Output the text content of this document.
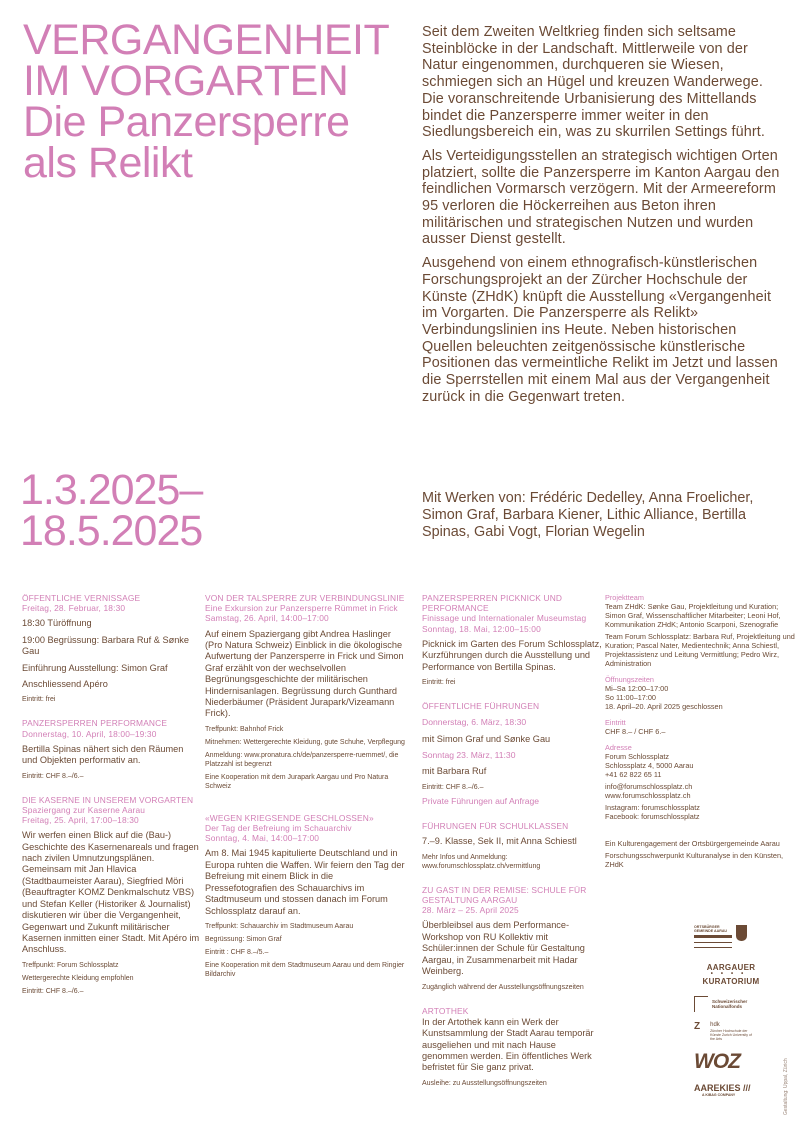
VERGANGENHEIT
IM VORGARTEN
Die Panzersperre
als Relikt

Seit dem Zweiten Weltkrieg finden sich seltsame Steinblöcke in der Landschaft. Mittlerweile von der Natur eingenommen, durchqueren sie Wiesen, schmiegen sich an Hügel und kreuzen Wanderwege. Die voranschreitende Urbanisierung des Mittellands bindet die Panzersperre immer weiter in den Siedlungsbereich ein, was zu skurrilen Settings führt.

Als Verteidigungsstellen an strategisch wichtigen Orten platziert, sollte die Panzersperre im Kanton Aargau den feindlichen Vormarsch verzögern. Mit der Armeereform 95 verloren die Höckerreihen aus Beton ihren militärischen und strategischen Nutzen und wurden ausser Dienst gestellt.

Ausgehend von einem ethnografisch-künstlerischen Forschungsprojekt an der Zürcher Hochschule der Künste (ZHdK) knüpft die Ausstellung «Vergangenheit im Vorgarten. Die Panzersperre als Relikt» Verbindungslinien ins Heute. Neben historischen Quellen beleuchten zeitgenössische künstlerische Positionen das vermeintliche Relikt im Jetzt und lassen die Sperrstellen mit einem Mal aus der Vergangenheit zurück in die Gegenwart treten.

1.3.2025–
18.5.2025
Mit Werken von: Frédéric Dedelley, Anna Froelicher, Simon Graf, Barbara Kiener, Lithic Alliance, Bertilla Spinas, Gabi Vogt, Florian Wegelin
ÖFFENTLICHE VERNISSAGE
Freitag, 28. Februar, 18:30

18:30 Türöffnung

19:00 Begrüssung: Barbara Ruf & Sønke Gau

Einführung Ausstellung: Simon Graf

Anschliessend Apéro

Eintritt: frei

PANZERSPERREN PERFORMANCE
Donnerstag, 10. April, 18:00–19:30

Bertilla Spinas nähert sich den Räumen und Objekten performativ an.

Eintritt: CHF 8.–/6.–

DIE KASERNE IN UNSEREM VORGARTEN
Spaziergang zur Kaserne Aarau
Freitag, 25. April, 17:00–18:30

Wir werfen einen Blick auf die (Bau-) Geschichte des Kasernenareals und fragen nach zivilen Umnutzungsplänen. Gemeinsam mit Jan Hlavica (Stadtbaumeister Aarau), Siegfried Möri (Beauftragter KOMZ Denkmalschutz VBS) und Stefan Keller (Historiker & Journalist) diskutieren wir über die Vergangenheit, Gegenwart und Zukunft militärischer Kasernen inmitten einer Stadt. Mit Apéro im Anschluss.

Treffpunkt: Forum Schlossplatz

Wettergerechte Kleidung empfohlen

Eintritt: CHF 8.–/6.–

VON DER TALSPERRE ZUR VERBINDUNGSLINIE
Eine Exkursion zur Panzersperre Rümmet in Frick
Samstag, 26. April, 14:00–17:00

Auf einem Spaziergang gibt Andrea Haslinger (Pro Natura Schweiz) Einblick in die ökologische Aufwertung der Panzersperre in Frick und Simon Graf erzählt von der wechselvollen Begrünungsgeschichte der militärischen Hindernisanlagen. Begrüssung durch Gunthard Niederbäumer (Präsident Jurapark/Vizeamann Frick).

Treffpunkt: Bahnhof Frick

Mitnehmen: Wettergerechte Kleidung, gute Schuhe, Verpflegung

Anmeldung: www.pronatura.ch/de/panzersperre-ruemmet/, die Platzzahl ist begrenzt

Eine Kooperation mit dem Jurapark Aargau und Pro Natura Schweiz

«WEGEN KRIEGSENDE GESCHLOSSEN»
Der Tag der Befreiung im Schauarchiv
Sonntag, 4. Mai, 14:00–17:00

Am 8. Mai 1945 kapitulierte Deutschland und in Europa ruhten die Waffen. Wir feiern den Tag der Befreiung mit einem Blick in die Pressefotografien des Schauarchivs im Stadtmuseum und stossen danach im Forum Schlossplatz darauf an.

Treffpunkt: Schauarchiv im Stadtmuseum Aarau

Begrüssung: Simon Graf

Eintritt : CHF 8.–/5.–

Eine Kooperation mit dem Stadtmuseum Aarau und dem Ringier Bildarchiv

PANZERSPERREN PICKNICK UND PERFORMANCE
Finissage und Internationaler Museumstag
Sonntag, 18. Mai, 12:00–15:00

Picknick im Garten des Forum Schlossplatz, Kurzführungen durch die Ausstellung und Performance von Bertilla Spinas.

Eintritt: frei

ÖFFENTLICHE FÜHRUNGEN
Donnerstag, 6. März, 18:30

mit Simon Graf und Sønke Gau

Sonntag 23. März, 11:30

mit Barbara Ruf

Eintritt: CHF 8.–/6.–

Private Führungen auf Anfrage
FÜHRUNGEN FÜR SCHULKLASSEN

7.–9. Klasse, Sek II, mit Anna Schiestl

Mehr Infos und Anmeldung: www.forumschlossplatz.ch/vermittlung

ZU GAST IN DER REMISE: SCHULE FÜR GESTALTUNG AARGAU
28. März – 25. April 2025

Überbleibsel aus dem Performance-Workshop von RU Kollektiv mit Schüler:innen der Schule für Gestaltung Aargau, in Zusammenarbeit mit Hadar Weinberg.

Zugänglich während der Ausstellungsöffnungszeiten

ARTOTHEK

In der Artothek kann ein Werk der Kunstsammlung der Stadt Aarau temporär ausgeliehen und mit nach Hause genommen werden. Ein öffentliches Werk befristet für Sie ganz privat.

Ausleihe: zu Ausstellungsöffnungszeiten

Projektteam

Team ZHdK: Sønke Gau, Projektleitung und Kuration; Simon Graf, Wissenschaftlicher Mitarbeiter; Leoni Hof, Kommunikation ZHdK; Antonio Scarponi, Szenografie

Team Forum Schlossplatz: Barbara Ruf, Projektleitung und Kuration; Pascal Nater, Medientechnik; Anna Schiestl, Projektassistenz und Leitung Vermittlung; Pedro Wirz, Administration

Öffnungszeiten
Mi–Sa 12:00–17:00
So 11:00–17:00
18. April–20. April 2025 geschlossen
Eintritt
CHF 8.– / CHF 6.–
Adresse
Forum Schlossplatz
Schlossplatz 4, 5000 Aarau
+41 62 822 65 11
info@forumschlossplatz.ch
www.forumschlossplatz.ch
Instagram: forumschlossplatz
Facebook: forumschlossplatz

Ein Kulturengagement der Ortsbürgergemeinde Aarau

Forschungsschwerpunkt Kulturanalyse in den Künsten, ZHdK

ORTSBÜRGER GEMEINDE AARAU
AARGAUER
••••
KURATORIUM
Schweizerischer Nationalfonds
Z hdk
Zürcher Hochschule der Künste Zurich University of the Arts
WOZ
AAREKIES ///
A KIBAG COMPANY	Gestaltung: Uppal, Zürich
